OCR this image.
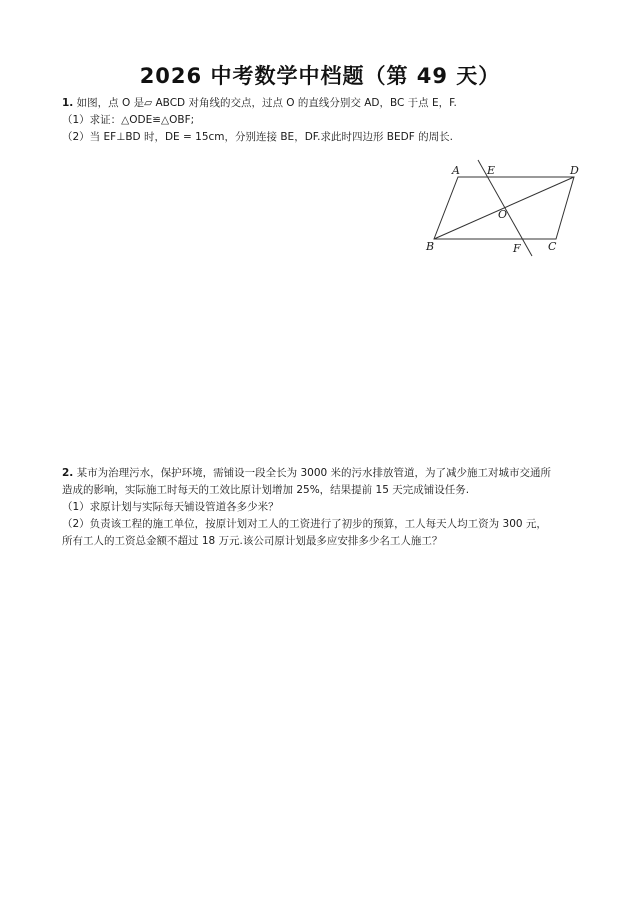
2026 中考数学中档题（第 49 天）
1. 如图，点 O 是▱ ABCD 对角线的交点，过点 O 的直线分别交 AD，BC 于点 E，F.
（1）求证：△ODE≌△OBF;
（2）当 EF⊥BD 时，DE = 15cm，分别连接 BE，DF.求此时四边形 BEDF 的周长.
A E	D
O
B	F C
2. 某市为治理污水，保护环境，需铺设一段全长为 3000 米的污水排放管道，为了减少施工对城市交通所
造成的影响，实际施工时每天的工效比原计划增加 25%，结果提前 15 天完成铺设任务.
（1）求原计划与实际每天铺设管道各多少米？
（2）负责该工程的施工单位，按原计划对工人的工资进行了初步的预算，工人每天人均工资为 300 元，
所有工人的工资总金额不超过 18 万元.该公司原计划最多应安排多少名工人施工？
